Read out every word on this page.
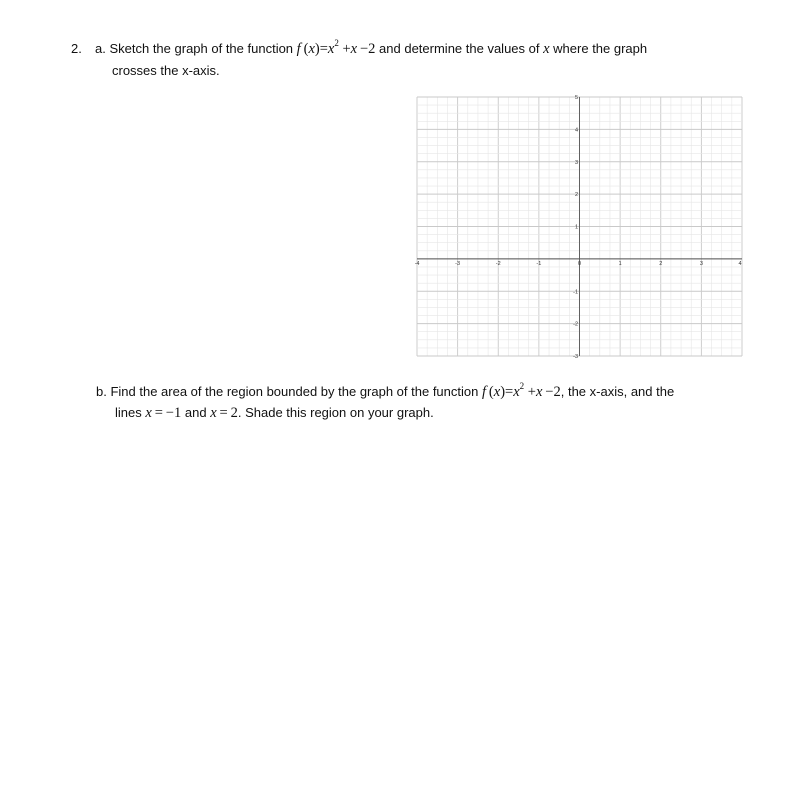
2. a. Sketch the graph of the function f $(x)=x^2 +x -2$ and determine the values of x where the graph
crosses the x-axis.
-4	-3	-2	-1	0	1	2	3	4
5
4
3
2
1
-1
-2
-3
b. Find the area of the region bounded by the graph of the function f $(x)=x^2 +x -2$, the x-axis, and the
lines x = −1 and x = 2. Shade this region on your graph.
